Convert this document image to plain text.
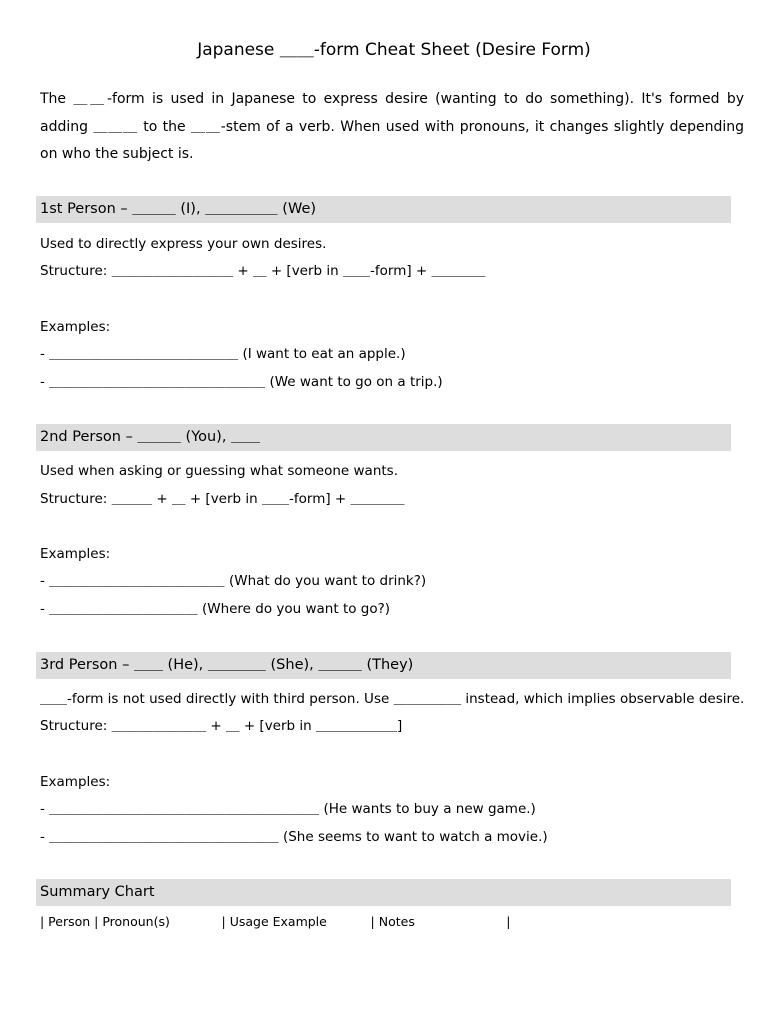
Japanese ＿＿-form Cheat Sheet (Desire Form)
The ＿＿-form is used in Japanese to express desire (wanting to do something). It's formed by adding ＿＿＿ to the ＿＿-stem of a verb. When used with pronouns, it changes slightly depending on who the subject is.
1st Person – ＿＿＿ (I), ＿＿＿＿＿ (We)
Used to directly express your own desires.
Structure: ＿＿＿＿＿＿＿＿＿ + ＿ + [verb in ＿＿-form] + ＿＿＿＿
Examples:
- ＿＿＿＿＿＿＿＿＿＿＿＿＿＿ (I want to eat an apple.)
- ＿＿＿＿＿＿＿＿＿＿＿＿＿＿＿＿ (We want to go on a trip.)
2nd Person – ＿＿＿ (You), ＿＿
Used when asking or guessing what someone wants.
Structure: ＿＿＿ + ＿ + [verb in ＿＿-form] + ＿＿＿＿
Examples:
- ＿＿＿＿＿＿＿＿＿＿＿＿＿ (What do you want to drink?)
- ＿＿＿＿＿＿＿＿＿＿＿ (Where do you want to go?)
3rd Person – ＿＿ (He), ＿＿＿＿ (She), ＿＿＿ (They)
＿＿-form is not used directly with third person. Use ＿＿＿＿＿ instead, which implies observable desire.
Structure: ＿＿＿＿＿＿＿ + ＿ + [verb in ＿＿＿＿＿＿]
Examples:
- ＿＿＿＿＿＿＿＿＿＿＿＿＿＿＿＿＿＿＿＿ (He wants to buy a new game.)
- ＿＿＿＿＿＿＿＿＿＿＿＿＿＿＿＿＿ (She seems to want to watch a movie.)
Summary Chart
| Person | Pronoun(s)             | Usage Example           | Notes                       |
